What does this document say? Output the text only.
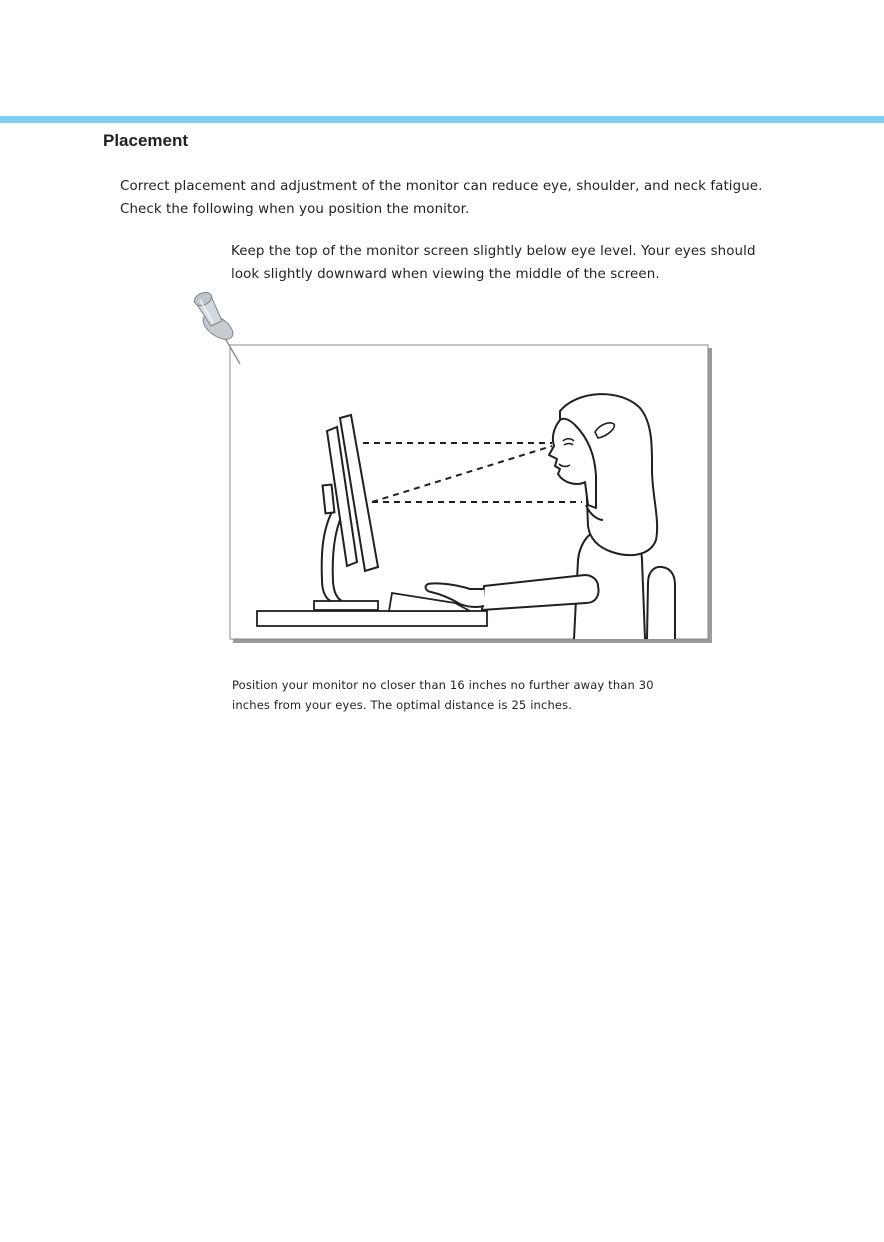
Placement

Correct placement and adjustment of the monitor can reduce eye, shoulder, and neck fatigue.
Check the following when you position the monitor.

Keep the top of the monitor screen slightly below eye level. Your eyes should
look slightly downward when viewing the middle of the screen.

Position your monitor no closer than 16 inches no further away than 30
inches from your eyes. The optimal distance is 25 inches.
